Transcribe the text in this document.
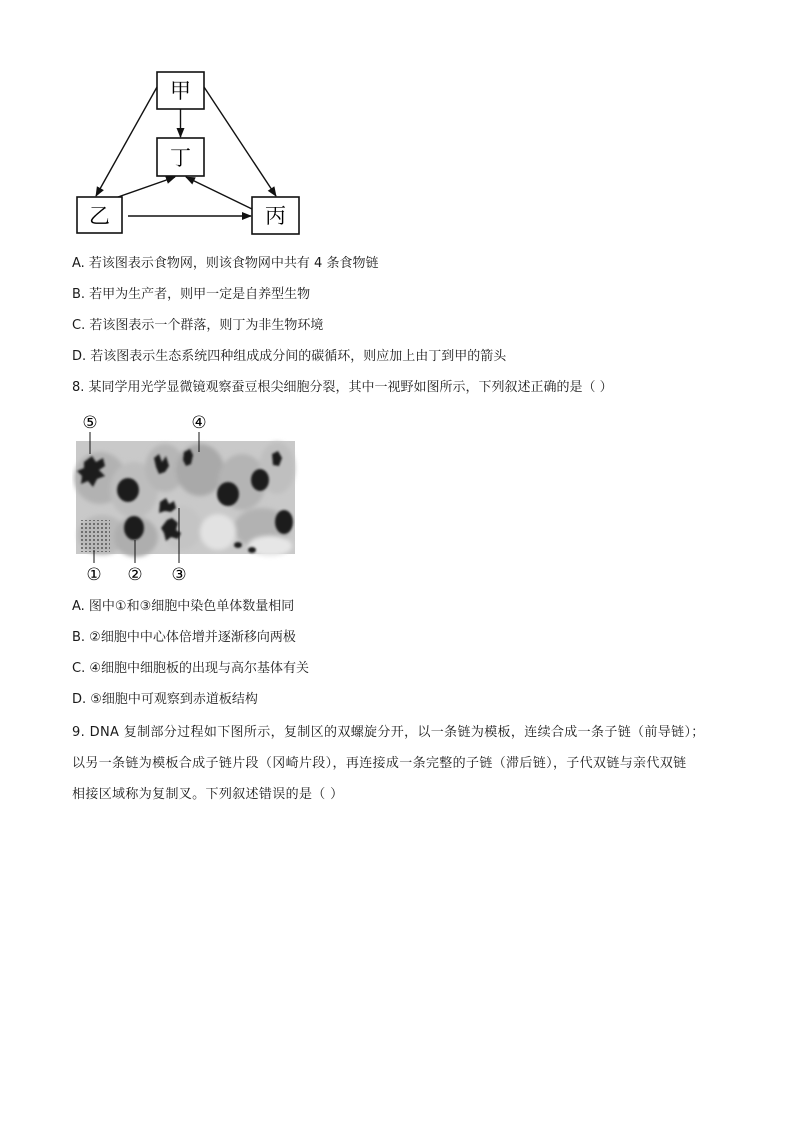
甲
丁
乙	丙
A. 若该图表示食物网，则该食物网中共有 4 条食物链
B. 若甲为生产者，则甲一定是自养型生物
C. 若该图表示一个群落，则丁为非生物环境
D. 若该图表示生态系统四种组成成分间的碳循环，则应加上由丁到甲的箭头
8. 某同学用光学显微镜观察蚕豆根尖细胞分裂，其中一视野如图所示，下列叙述正确的是（ ）
⑤	④
① ② ③
A. 图中①和③细胞中染色单体数量相同
B. ②细胞中中心体倍增并逐渐移向两极
C. ④细胞中细胞板的出现与高尔基体有关
D. ⑤细胞中可观察到赤道板结构
9. DNA 复制部分过程如下图所示，复制区的双螺旋分开，以一条链为模板，连续合成一条子链（前导链）；
以另一条链为模板合成子链片段（冈崎片段），再连接成一条完整的子链（滞后链），子代双链与亲代双链
相接区域称为复制叉。下列叙述错误的是（ ）
